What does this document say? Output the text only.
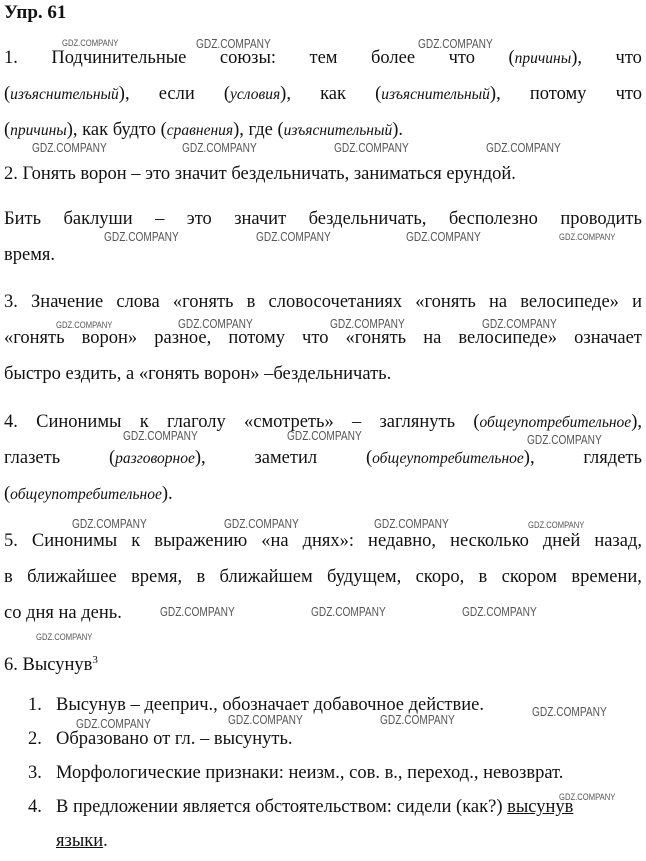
Упр. 61
1. Подчинительные союзы: тем более что (причины), что
(изъяснительный), если (условия), как (изъяснительный), потому что
(причины), как будто (сравнения), где (изъяснительный).
2. Гонять ворон – это значит бездельничать, заниматься ерундой.
Бить баклуши – это значит бездельничать, бесполезно проводить
время.
3. Значение слова «гонять в словосочетаниях «гонять на велосипеде» и
«гонять ворон» разное, потому что «гонять на велосипеде» означает
быстро ездить, а «гонять ворон» –бездельничать.
4. Синонимы к глаголу «смотреть» – заглянуть (общеупотребительное),
глазеть	(разговорное),	заметил	(общеупотребительное),	глядеть
(общеупотребительное).
5. Синонимы к выражению «на днях»: недавно, несколько дней назад,
в ближайшее время, в ближайшем будущем, скоро, в скором времени,
со дня на день.
6. Высунув$^3$
1. Высунув – дееприч., обозначает добавочное действие.
2. Образовано от гл. – высунуть.
3. Морфологические признаки: неизм., сов. в., переход., невозврат.
4. В предложении является обстоятельством: сидели (как?) высунув
языки.
GDZ.COMPANY	GDZ.COMPANY	GDZ.COMPANY
GDZ.COMPANY	GDZ.COMPANY	GDZ.COMPANY	GDZ.COMPANY
GDZ.COMPANY	GDZ.COMPANY	GDZ.COMPANY	GDZ.COMPANY
GDZ.COMPANY	GDZ.COMPANY	GDZ.COMPANY	GDZ.COMPANY
GDZ.COMPANY	GDZ.COMPANY	GDZ.COMPANY
GDZ.COMPANY	GDZ.COMPANY	GDZ.COMPANY	GDZ.COMPANY
GDZ.COMPANY	GDZ.COMPANY	GDZ.COMPANY
GDZ.COMPANY
GDZ.COMPANY	GDZ.COMPANY	GDZ.COMPANY
GDZ.COMPANY
GDZ.COMPANY
